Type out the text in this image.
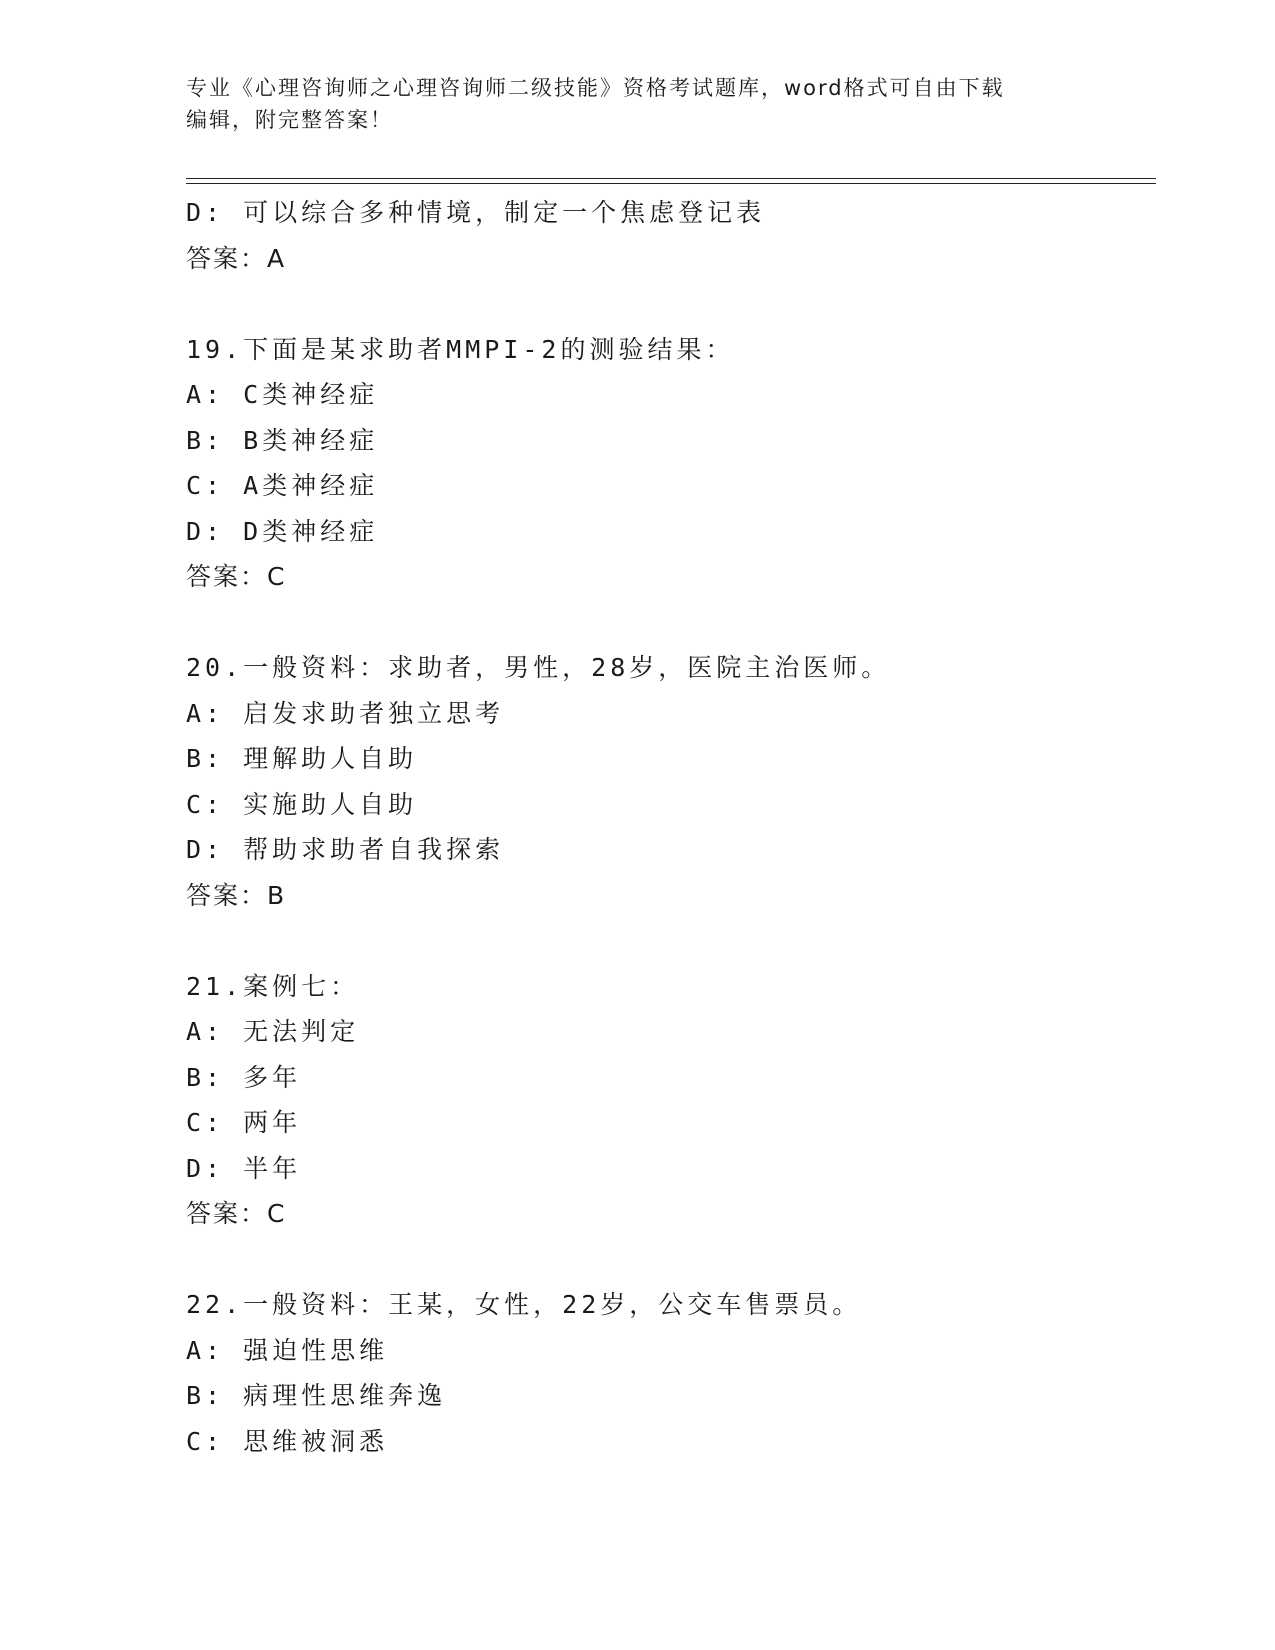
专业《心理咨询师之心理咨询师二级技能》资格考试题库，word格式可自由下载
编辑，附完整答案！
D: 可以综合多种情境，制定一个焦虑登记表
答案：A
19.下面是某求助者MMPI-2的测验结果：
A: C类神经症
B: B类神经症
C: A类神经症
D: D类神经症
答案：C
20.一般资料：求助者，男性，28岁，医院主治医师。
A: 启发求助者独立思考
B: 理解助人自助
C: 实施助人自助
D: 帮助求助者自我探索
答案：B
21.案例七：
A: 无法判定
B: 多年
C: 两年
D: 半年
答案：C
22.一般资料：王某，女性，22岁，公交车售票员。
A: 强迫性思维
B: 病理性思维奔逸
C: 思维被洞悉
